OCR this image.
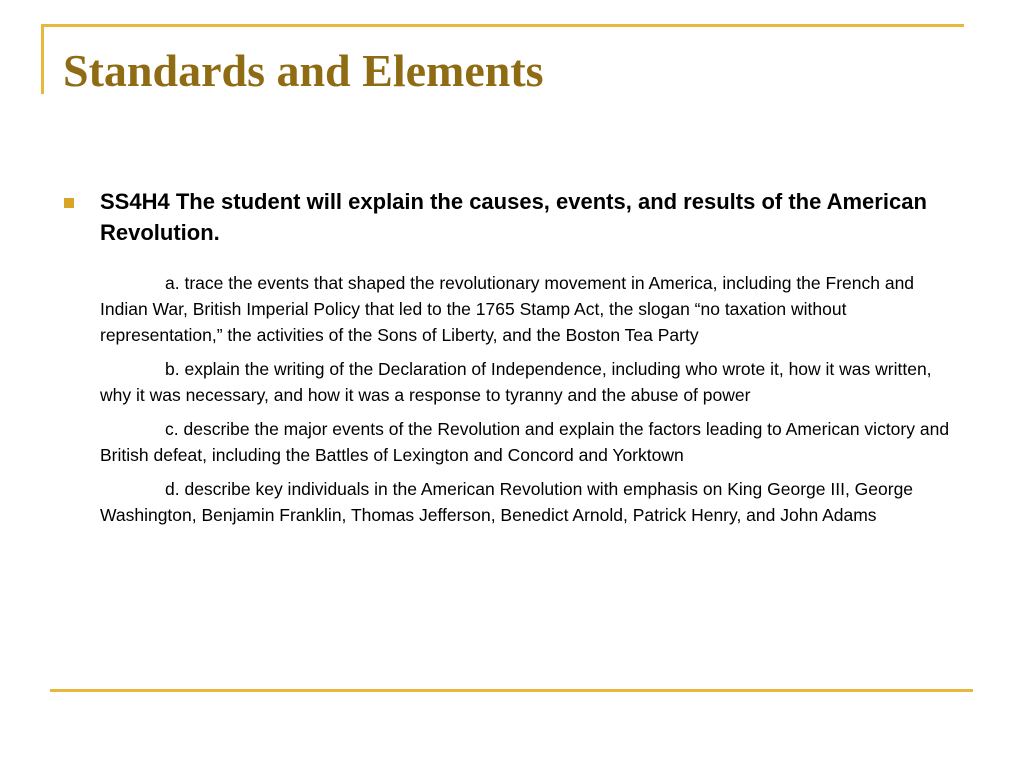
Standards and Elements

SS4H4 The student will explain the causes, events, and results of the American Revolution.

a. trace the events that shaped the revolutionary movement in America, including the French and Indian War, British Imperial Policy that led to the 1765 Stamp Act, the slogan “no taxation without representation,” the activities of the Sons of Liberty, and the Boston Tea Party

b. explain the writing of the Declaration of Independence, including who wrote it, how it was written, why it was necessary, and how it was a response to tyranny and the abuse of power

c. describe the major events of the Revolution and explain the factors leading to American victory and British defeat, including the Battles of Lexington and Concord and Yorktown

d. describe key individuals in the American Revolution with emphasis on King George III, George Washington, Benjamin Franklin, Thomas Jefferson, Benedict Arnold, Patrick Henry, and John Adams
